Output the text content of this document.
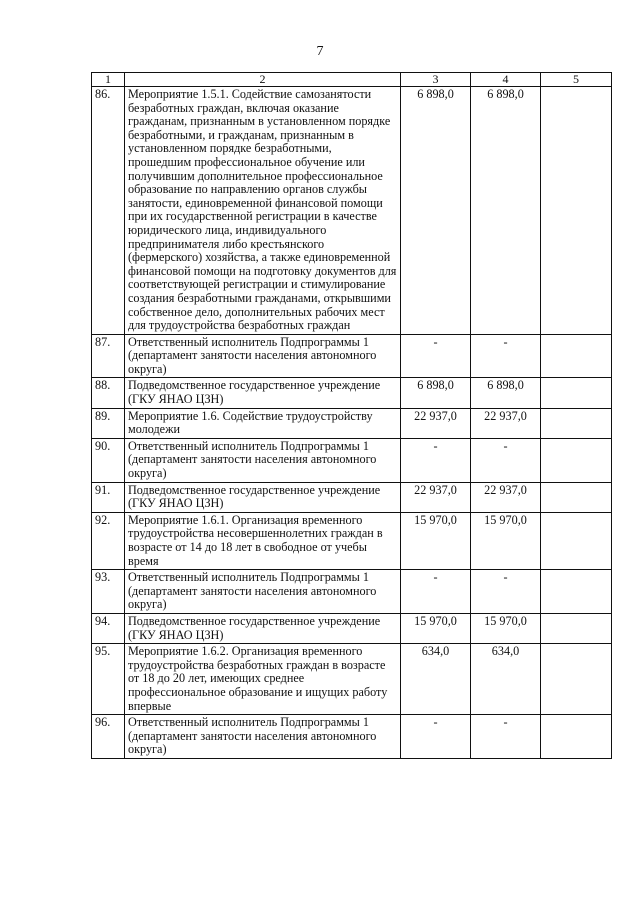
7
1	2	3	4	5
86.	Мероприятие 1.5.1. Содействие самозанятости безработных граждан, включая оказание гражданам, признанным в установленном порядке безработными, и гражданам, признанным в установленном порядке безработными, прошедшим профессиональное обучение или получившим дополнительное профессиональное образование по направлению органов службы занятости, единовременной финансовой помощи при их государственной регистрации в качестве юридического лица, индивидуального предпринимателя либо крестьянского (фермерского) хозяйства, а также единовременной финансовой помощи на подготовку документов для соответствующей регистрации и стимулирование создания безработными гражданами, открывшими собственное дело, дополнительных рабочих мест для трудоустройства безработных граждан	6 898,0	6 898,0	
87.	Ответственный исполнитель Подпрограммы 1 (департамент занятости населения автономного округа)	-	-	
88.	Подведомственное государственное учреждение (ГКУ ЯНАО ЦЗН)	6 898,0	6 898,0	
89.	Мероприятие 1.6. Содействие трудоустройству молодежи	22 937,0	22 937,0	
90.	Ответственный исполнитель Подпрограммы 1 (департамент занятости населения автономного округа)	-	-	
91.	Подведомственное государственное учреждение (ГКУ ЯНАО ЦЗН)	22 937,0	22 937,0	
92.	Мероприятие 1.6.1. Организация временного трудоустройства несовершеннолетних граждан в возрасте от 14 до 18 лет в свободное от учебы время	15 970,0	15 970,0	
93.	Ответственный исполнитель Подпрограммы 1 (департамент занятости населения автономного округа)	-	-	
94.	Подведомственное государственное учреждение (ГКУ ЯНАО ЦЗН)	15 970,0	15 970,0	
95.	Мероприятие 1.6.2. Организация временного трудоустройства безработных граждан в возрасте от 18 до 20 лет, имеющих среднее профессиональное образование и ищущих работу впервые	634,0	634,0	
96.	Ответственный исполнитель Подпрограммы 1 (департамент занятости населения автономного округа)	-	-	
